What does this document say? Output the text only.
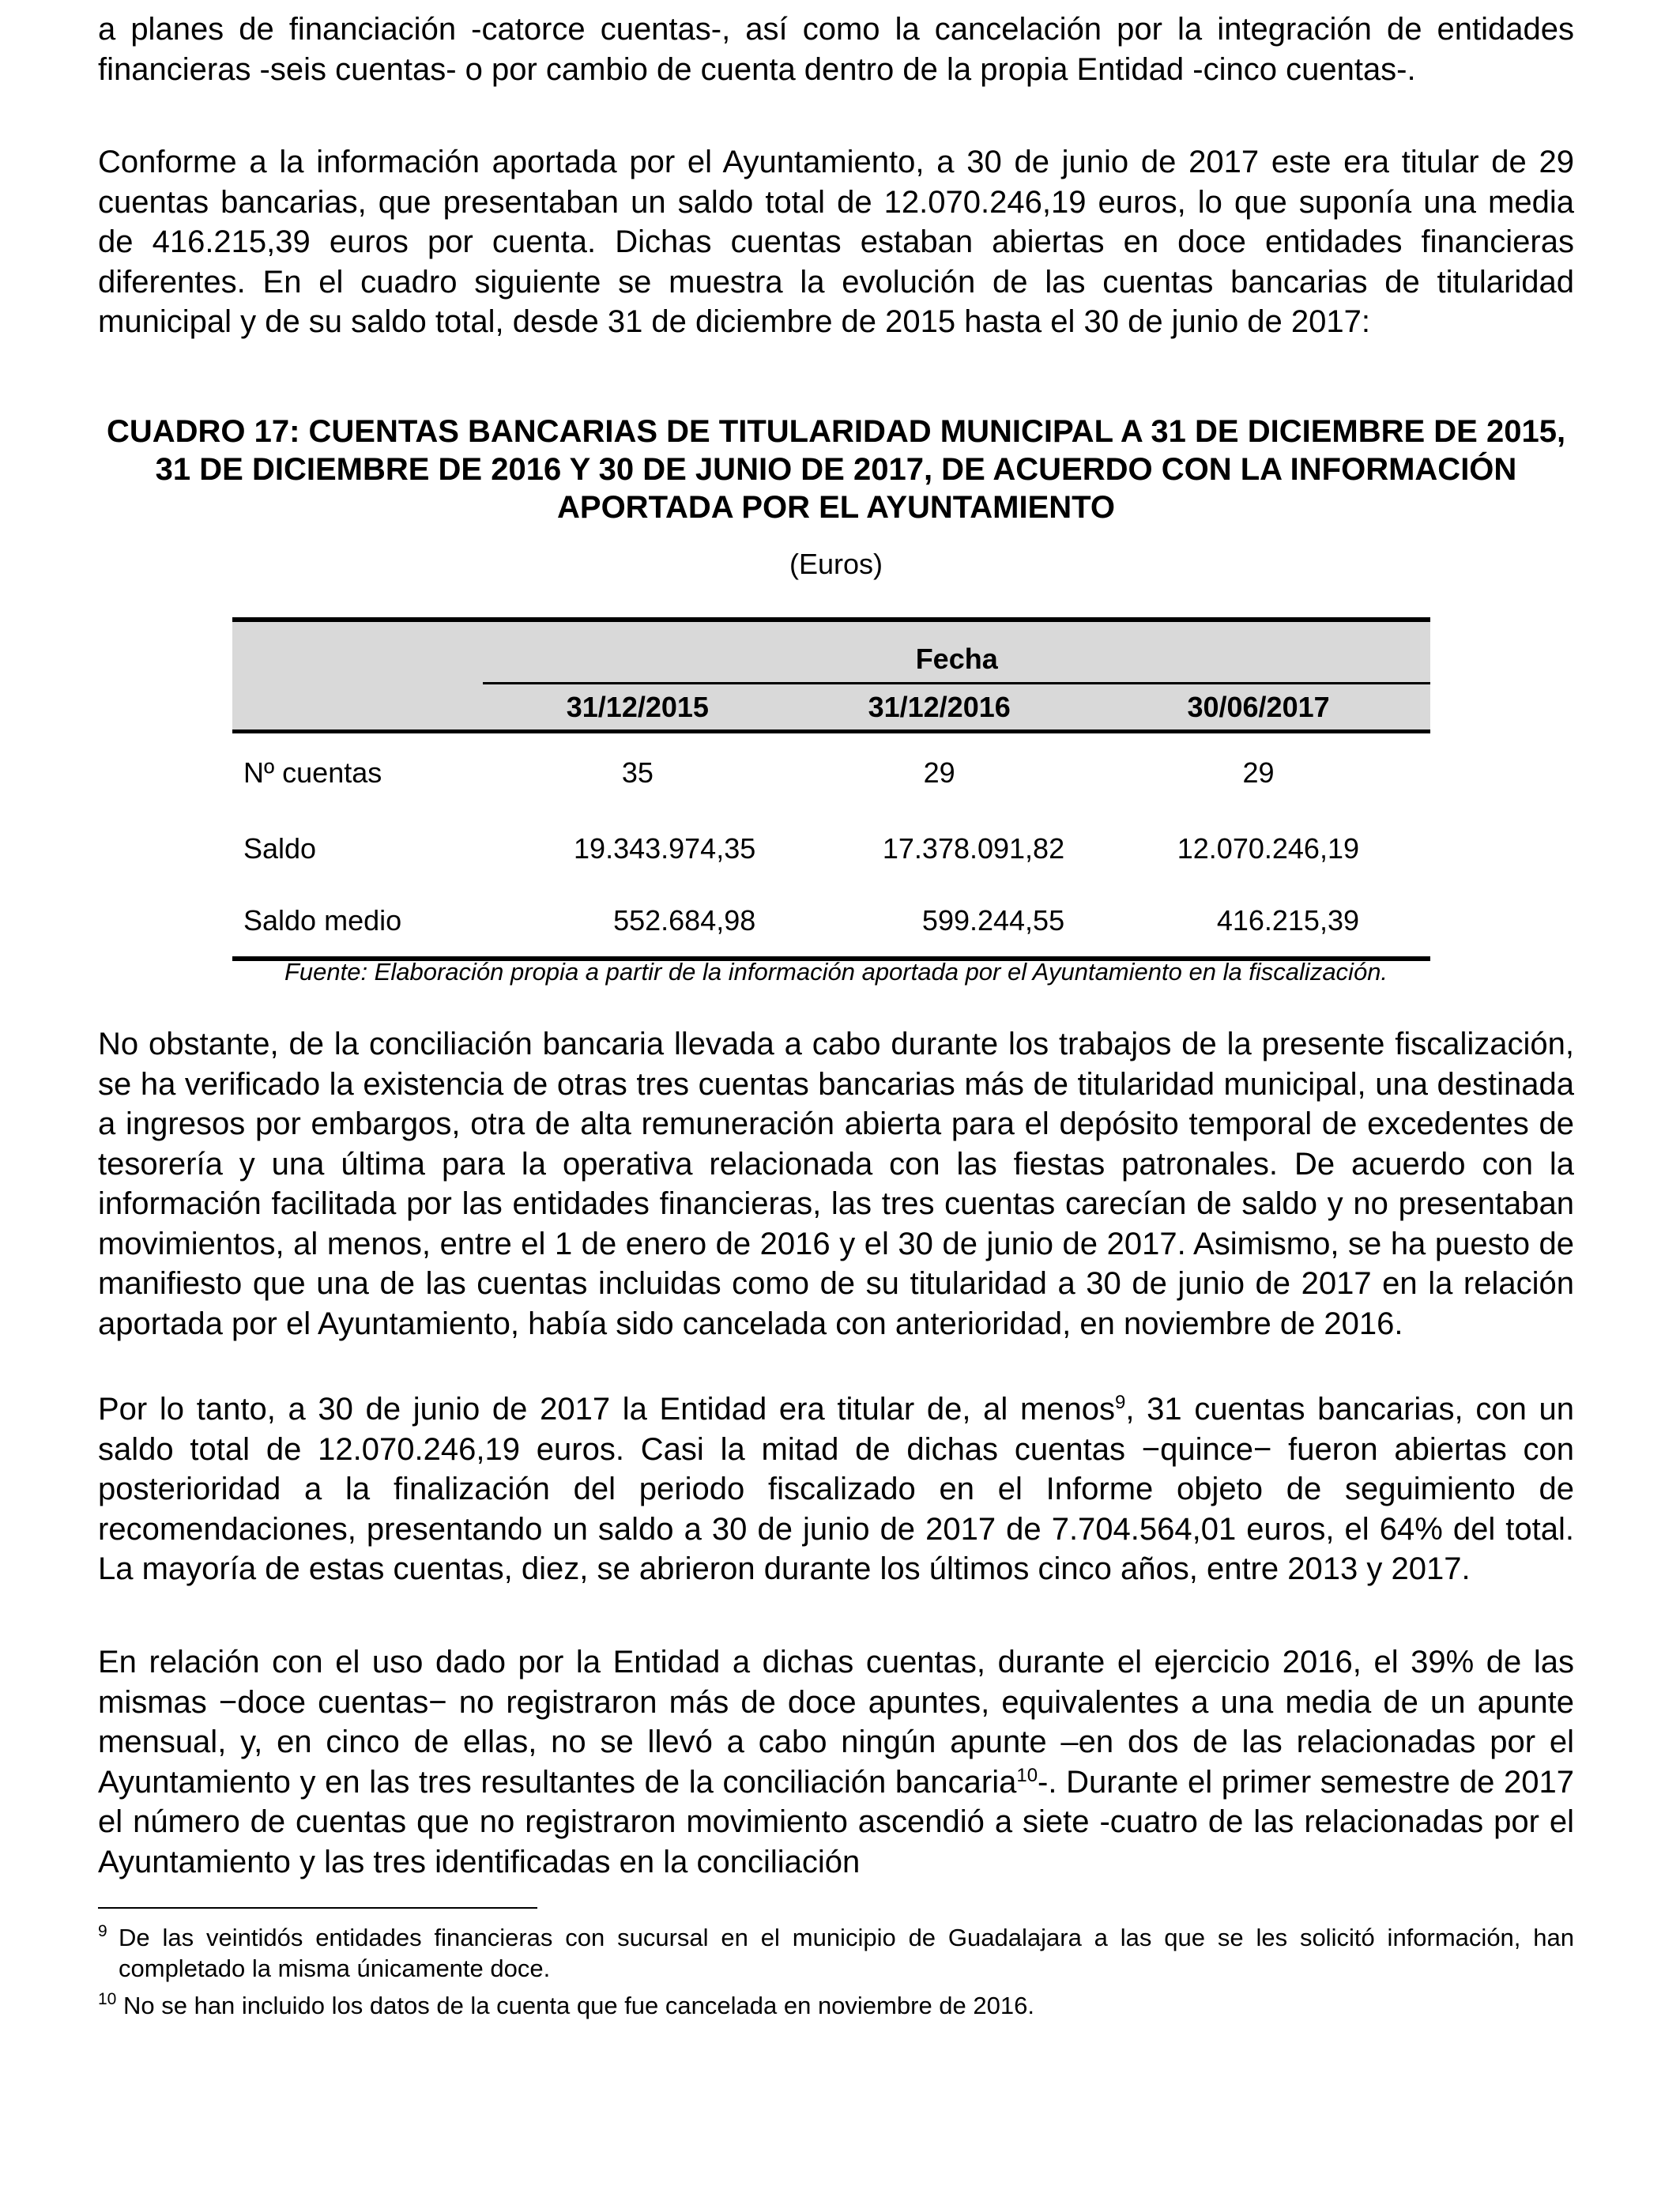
a planes de financiación -catorce cuentas-, así como la cancelación por la integración de entidades financieras -seis cuentas- o por cambio de cuenta dentro de la propia Entidad -cinco cuentas-.

Conforme a la información aportada por el Ayuntamiento, a 30 de junio de 2017 este era titular de 29 cuentas bancarias, que presentaban un saldo total de 12.070.246,19 euros, lo que suponía una media de 416.215,39 euros por cuenta. Dichas cuentas estaban abiertas en doce entidades financieras diferentes. En el cuadro siguiente se muestra la evolución de las cuentas bancarias de titularidad municipal y de su saldo total, desde 31 de diciembre de 2015 hasta el 30 de junio de 2017:

CUADRO 17: CUENTAS BANCARIAS DE TITULARIDAD MUNICIPAL A 31 DE DICIEMBRE DE 2015, 31 DE DICIEMBRE DE 2016 Y 30 DE JUNIO DE 2017, DE ACUERDO CON LA INFORMACIÓN APORTADA POR EL AYUNTAMIENTO
(Euros)
	Fecha		
	31/12/2015	31/12/2016	30/06/2017
Nº cuentas	35	29	29
Saldo	19.343.974,35	17.378.091,82	12.070.246,19
Saldo medio	552.684,98	599.244,55	416.215,39
Fuente: Elaboración propia a partir de la información aportada por el Ayuntamiento en la fiscalización.

No obstante, de la conciliación bancaria llevada a cabo durante los trabajos de la presente fiscalización, se ha verificado la existencia de otras tres cuentas bancarias más de titularidad municipal, una destinada a ingresos por embargos, otra de alta remuneración abierta para el depósito temporal de excedentes de tesorería y una última para la operativa relacionada con las fiestas patronales. De acuerdo con la información facilitada por las entidades financieras, las tres cuentas carecían de saldo y no presentaban movimientos, al menos, entre el 1 de enero de 2016 y el 30 de junio de 2017. Asimismo, se ha puesto de manifiesto que una de las cuentas incluidas como de su titularidad a 30 de junio de 2017 en la relación aportada por el Ayuntamiento, había sido cancelada con anterioridad, en noviembre de 2016.

Por lo tanto, a 30 de junio de 2017 la Entidad era titular de, al menos$^9$, 31 cuentas bancarias, con un saldo total de 12.070.246,19 euros. Casi la mitad de dichas cuentas −quince− fueron abiertas con posterioridad a la finalización del periodo fiscalizado en el Informe objeto de seguimiento de recomendaciones, presentando un saldo a 30 de junio de 2017 de 7.704.564,01 euros, el 64% del total. La mayoría de estas cuentas, diez, se abrieron durante los últimos cinco años, entre 2013 y 2017.

En relación con el uso dado por la Entidad a dichas cuentas, durante el ejercicio 2016, el 39% de las mismas −doce cuentas− no registraron más de doce apuntes, equivalentes a una media de un apunte mensual, y, en cinco de ellas, no se llevó a cabo ningún apunte –en dos de las relacionadas por el Ayuntamiento y en las tres resultantes de la conciliación bancaria$^{10}$-. Durante el primer semestre de 2017 el número de cuentas que no registraron movimiento ascendió a siete -cuatro de las relacionadas por el Ayuntamiento y las tres identificadas en la conciliación

$^9$ De las veintidós entidades financieras con sucursal en el municipio de Guadalajara a las que se les solicitó información, han completado la misma únicamente doce.

$^{10}$ No se han incluido los datos de la cuenta que fue cancelada en noviembre de 2016.
